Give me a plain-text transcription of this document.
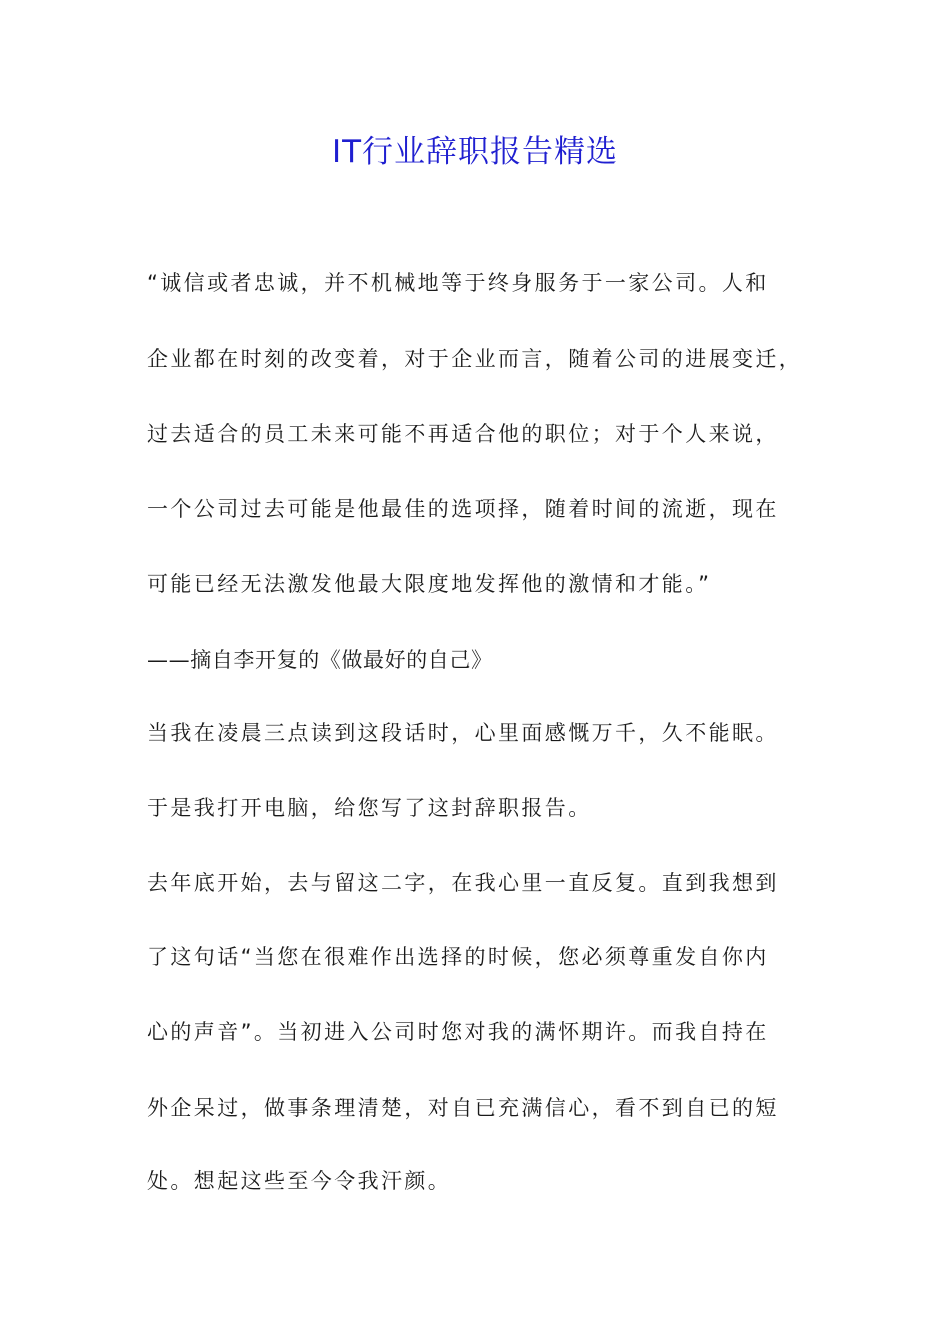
IT行业辞职报告精选
“诚信或者忠诚，并不机械地等于终身服务于一家公司。人和
企业都在时刻的改变着，对于企业而言，随着公司的进展变迁，
过去适合的员工未来可能不再适合他的职位；对于个人来说，
一个公司过去可能是他最佳的选项择，随着时间的流逝，现在
可能已经无法激发他最大限度地发挥他的激情和才能。”
——摘自李开复的《做最好的自己》
当我在凌晨三点读到这段话时，心里面感慨万千，久不能眠。
于是我打开电脑，给您写了这封辞职报告。
去年底开始，去与留这二字，在我心里一直反复。直到我想到
了这句话“当您在很难作出选择的时候，您必须尊重发自你内
心的声音”。当初进入公司时您对我的满怀期许。而我自持在
外企呆过，做事条理清楚，对自已充满信心，看不到自已的短
处。想起这些至今令我汗颜。
